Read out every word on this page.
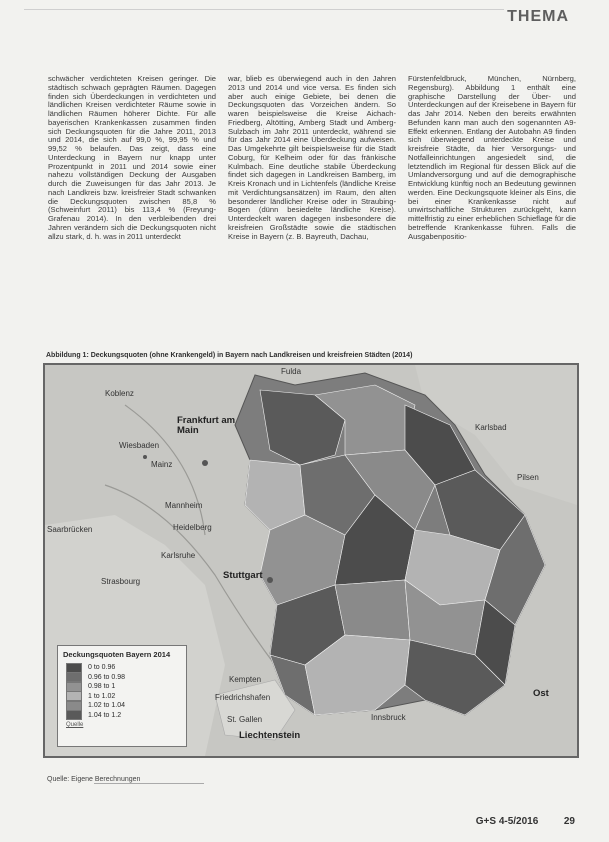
THEMA
schwächer verdichteten Kreisen geringer. Die städtisch schwach geprägten Räumen. Dagegen finden sich Überdeckungen in verdichteten und ländlichen Kreisen verdichteter Räume sowie in ländlichen Räumen höherer Dichte. Für alle bayerischen Krankenkassen zusammen finden sich Deckungsquoten für die Jahre 2011, 2013 und 2014, die sich auf 99,0 %, 99,95 % und 99,52 % belaufen. Das zeigt, dass eine Unterdeckung in Bayern nur knapp unter Prozentpunkt in 2011 und 2014 sowie einer nahezu vollständigen Deckung der Ausgaben durch die Zuweisungen für das Jahr 2013. Je nach Landkreis bzw. kreisfreier Stadt schwanken die Deckungsquoten zwischen 85,8 % (Schweinfurt 2011) bis 113,4 % (Freyung-Grafenau 2014). In den verbleibenden drei Jahren verändern sich die Deckungsquoten nicht allzu stark, d. h. was in 2011 unterdeckt
war, blieb es überwiegend auch in den Jahren 2013 und 2014 und vice versa. Es finden sich aber auch einige Gebiete, bei denen die Deckungsquoten das Vorzeichen ändern. So waren beispielsweise die Kreise Aichach-Friedberg, Altötting, Amberg Stadt und Amberg-Sulzbach im Jahr 2011 unterdeckt, während sie für das Jahr 2014 eine Überdeckung aufweisen. Das Umgekehrte gilt beispielsweise für die Stadt Coburg, für Kelheim oder für das fränkische Kulmbach. Eine deutliche stabile Überdeckung findet sich dagegen in Landkreisen Bamberg, im Kreis Kronach und in Lichtenfels (ländliche Kreise mit Verdichtungsansätzen) im Raum, den alten besonderer ländlicher Kreise oder in Straubing-Bogen (dünn besiedelte ländliche Kreise). Unterdeckelt waren dagegen insbesondere die kreisfreien Großstädte sowie die städtischen Kreise in Bayern (z. B. Bayreuth, Dachau,
Fürstenfeldbruck, München, Nürnberg, Regensburg). Abbildung 1 enthält eine graphische Darstellung der Über- und Unterdeckungen auf der Kreisebene in Bayern für das Jahr 2014. Neben den bereits erwähnten Befunden kann man auch den sogenannten A9-Effekt erkennen. Entlang der Autobahn A9 finden sich überwiegend unterdeckte Kreise und kreisfreie Städte, da hier Versorgungs- und Notfalleinrichtungen angesiedelt sind, die letztendlich im Regional für dessen Blick auf die Umlandversorgung und auf die demographische Entwicklung künftig noch an Bedeutung gewinnen werden. Eine Deckungsquote kleiner als Eins, die bei einer Krankenkasse nicht auf unwirtschaftliche Strukturen zurückgeht, kann mittelfristig zu einer erheblichen Schieflage für die betreffende Krankenkasse führen. Falls die Ausgabenpositio-
Abbildung 1: Deckungsquoten (ohne Krankengeld) in Bayern nach Landkreisen und kreisfreien Städten (2014)
Fulda
Koblenz
Frankfurt am Main
Wiesbaden
Mainz
Mannheim
Heidelberg
Saarbrücken
Karlsruhe
Stuttgart
Strasbourg
Karlsbad
Pilsen
Kempten
Friedrichshafen
St. Gallen	Innsbruck
Liechtenstein
Ost
Deckungsquoten Bayern 2014
0 to 0.96
0.96 to 0.98
0.98 to 1
1 to 1.02
1.02 to 1.04
1.04 to 1.2
Quelle
Quelle: Eigene Berechnungen
G+S 4-5/2016	29
